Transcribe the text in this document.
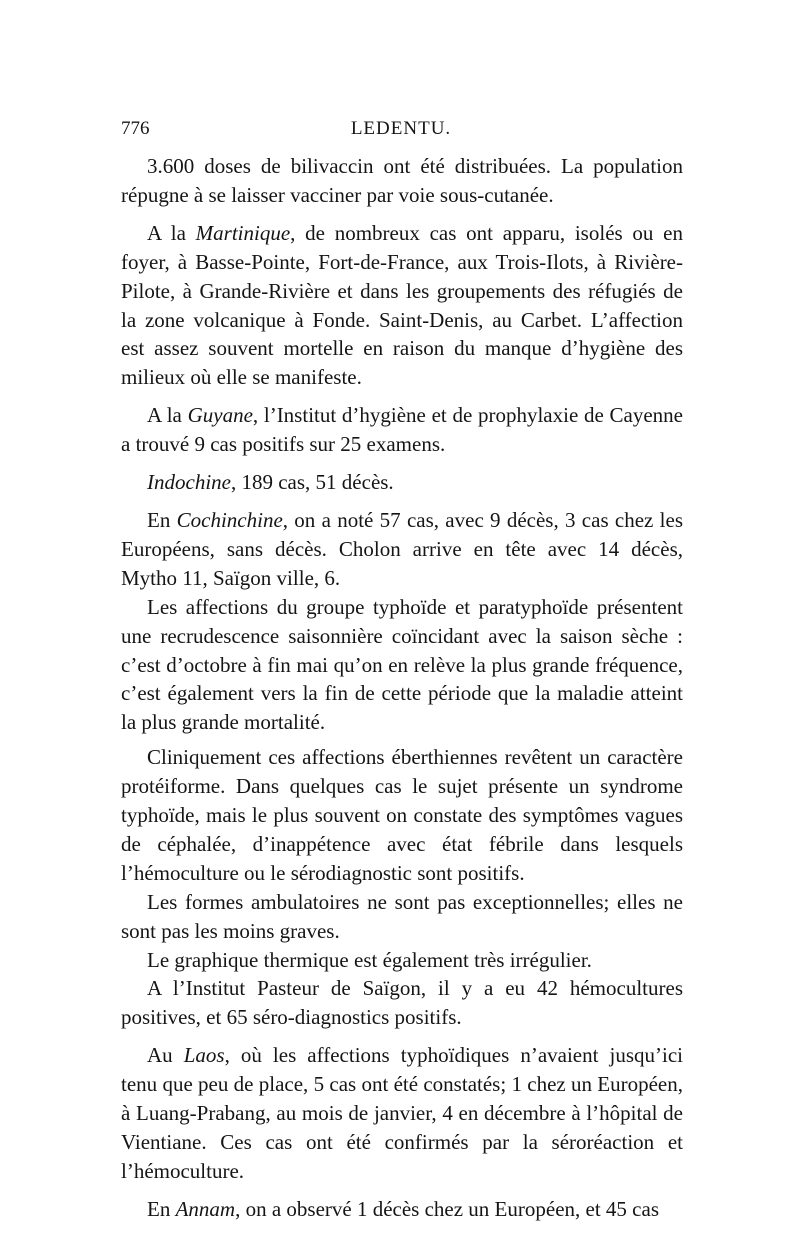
776	LEDENTU.

3.600 doses de bilivaccin ont été distribuées. La population répugne à se laisser vacciner par voie sous-cutanée.

A la Martinique, de nombreux cas ont apparu, isolés ou en foyer, à Basse-Pointe, Fort-de-France, aux Trois-Ilots, à Rivière-Pilote, à Grande-Rivière et dans les groupements des réfugiés de la zone volcanique à Fonde. Saint-Denis, au Carbet. L’affection est assez souvent mortelle en raison du manque d’hygiène des milieux où elle se manifeste.

A la Guyane, l’Institut d’hygiène et de prophylaxie de Cayenne a trouvé 9 cas positifs sur 25 examens.

Indochine, 189 cas, 51 décès.

En Cochinchine, on a noté 57 cas, avec 9 décès, 3 cas chez les Européens, sans décès. Cholon arrive en tête avec 14 décès, Mytho 11, Saïgon ville, 6.

Les affections du groupe typhoïde et paratyphoïde présentent une recrudescence saisonnière coïncidant avec la saison sèche : c’est d’octobre à fin mai qu’on en relève la plus grande fréquence, c’est également vers la fin de cette période que la maladie atteint la plus grande mortalité.

Cliniquement ces affections éberthiennes revêtent un caractère protéiforme. Dans quelques cas le sujet présente un syndrome typhoïde, mais le plus souvent on constate des symptômes vagues de céphalée, d’inappétence avec état fébrile dans lesquels l’hémoculture ou le sérodiagnostic sont positifs.

Les formes ambulatoires ne sont pas exceptionnelles; elles ne sont pas les moins graves.

Le graphique thermique est également très irrégulier.

A l’Institut Pasteur de Saïgon, il y a eu 42 hémocultures positives, et 65 séro-diagnostics positifs.

Au Laos, où les affections typhoïdiques n’avaient jusqu’ici tenu que peu de place, 5 cas ont été constatés; 1 chez un Européen, à Luang-Prabang, au mois de janvier, 4 en décembre à l’hôpital de Vientiane. Ces cas ont été confirmés par la séroréaction et l’hémoculture.

En Annam, on a observé 1 décès chez un Européen, et 45 cas
